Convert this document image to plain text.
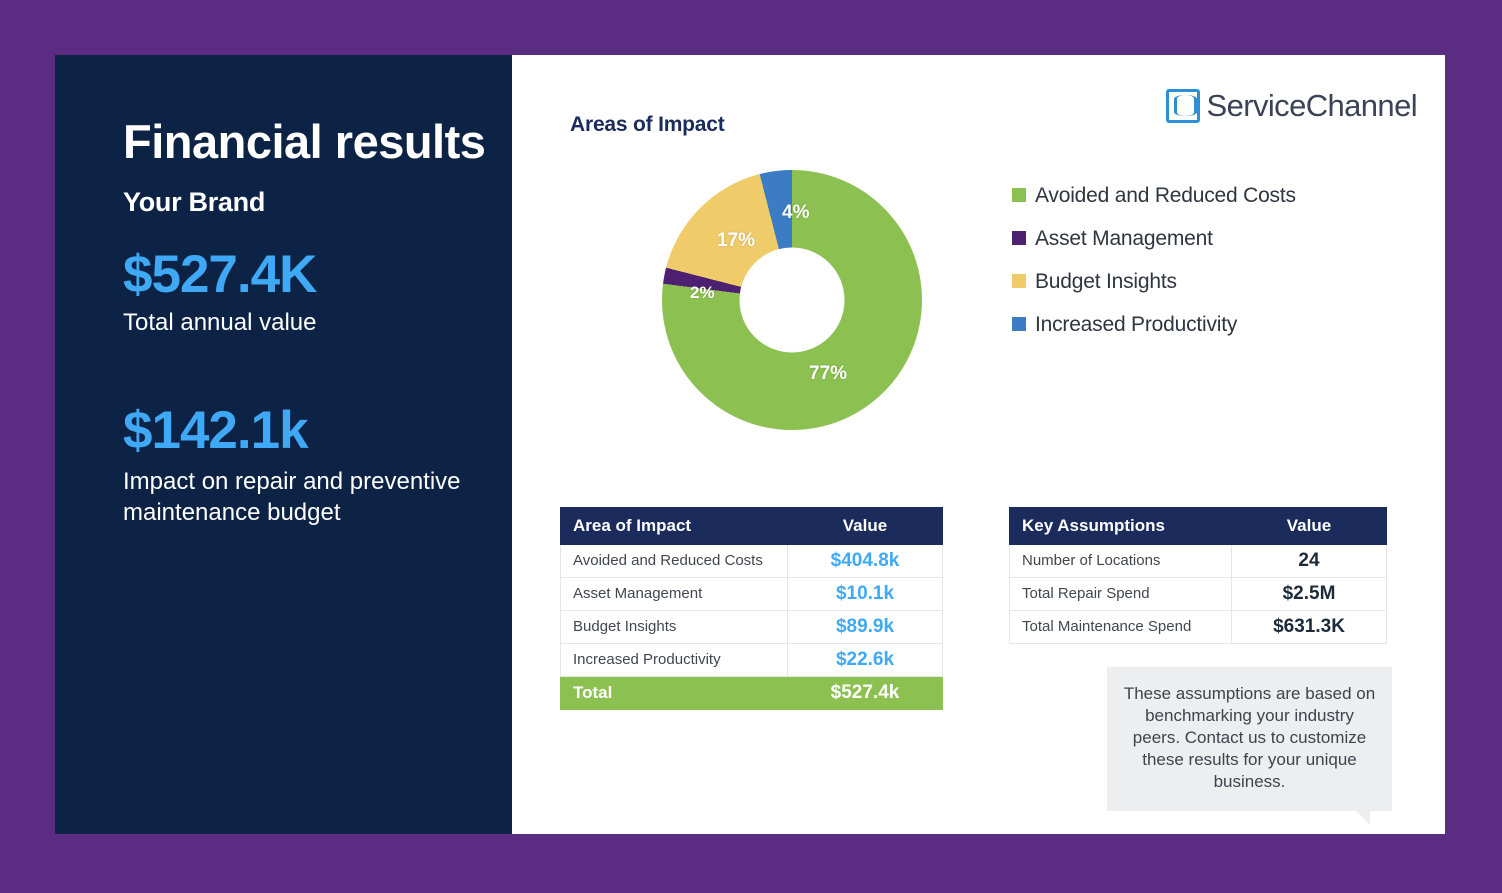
Financial results
Your Brand
$527.4K
Total annual value
$142.1k
Impact on repair and preventive maintenance budget
Areas of Impact
ServiceChannel
4%
17%
2%
77%
Avoided and Reduced Costs
Asset Management
Budget Insights
Increased Productivity
Area of Impact	Value
Avoided and Reduced Costs	$404.8k
Asset Management	$10.1k
Budget Insights	$89.9k
Increased Productivity	$22.6k
Total	$527.4k
Key Assumptions	Value
Number of Locations	24
Total Repair Spend	$2.5M
Total Maintenance Spend	$631.3K
These assumptions are based on benchmarking your industry peers. Contact us to customize these results for your unique business.
